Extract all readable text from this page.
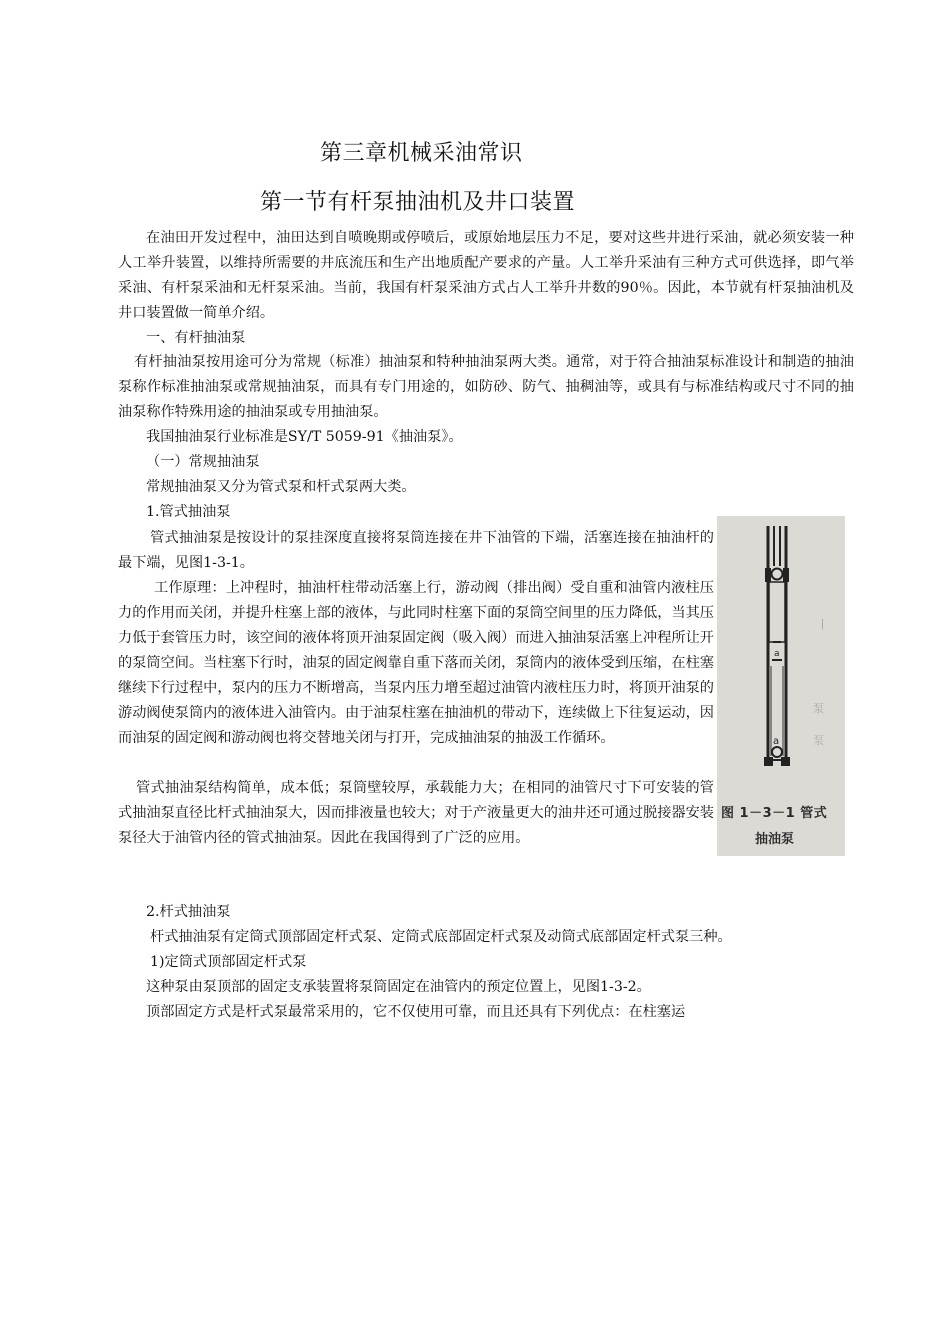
第三章机械采油常识
第一节有杆泵抽油机及井口装置

在油田开发过程中，油田达到自喷晚期或停喷后，或原始地层压力不足，要对这些井进行采油，就必须安装一种人工举升装置，以维持所需要的井底流压和生产出地质配产要求的产量。人工举升采油有三种方式可供选择，即气举采油、有杆泵采油和无杆泵采油。当前，我国有杆泵采油方式占人工举升井数的90％。因此，本节就有杆泵抽油机及井口装置做一简单介绍。

一、有杆抽油泵

有杆抽油泵按用途可分为常规（标准）抽油泵和特种抽油泵两大类。通常，对于符合抽油泵标准设计和制造的抽油泵称作标准抽油泵或常规抽油泵，而具有专门用途的，如防砂、防气、抽稠油等，或具有与标准结构或尺寸不同的抽油泵称作特殊用途的抽油泵或专用抽油泵。

我国抽油泵行业标准是SY/T 5059-91《抽油泵》。

（一）常规抽油泵

常规抽油泵又分为管式泵和杆式泵两大类。

1.管式抽油泵

管式抽油泵是按设计的泵挂深度直接将泵筒连接在井下油管的下端，活塞连接在抽油杆的最下端，见图1-3-1。

工作原理：上冲程时，抽油杆柱带动活塞上行，游动阀（排出阀）受自重和油管内液柱压力的作用而关闭，并提升柱塞上部的液体，与此同时柱塞下面的泵筒空间里的压力降低，当其压力低于套管压力时，该空间的液体将顶开油泵固定阀（吸入阀）而进入抽油泵活塞上冲程所让开的泵筒空间。当柱塞下行时，油泵的固定阀靠自重下落而关闭，泵筒内的液体受到压缩，在柱塞继续下行过程中，泵内的压力不断增高，当泵内压力增至超过油管内液柱压力时，将顶开油泵的游动阀使泵筒内的液体进入油管内。由于油泵柱塞在抽油机的带动下，连续做上下往复运动，因而油泵的固定阀和游动阀也将交替地关闭与打开，完成抽油泵的抽汲工作循环。

管式抽油泵结构简单，成本低；泵筒壁较厚，承载能力大；在相同的油管尺寸下可安装的管式抽油泵直径比杆式抽油泵大，因而排液量也较大；对于产液量更大的油井还可通过脱接器安装泵径大于油管内径的管式抽油泵。因此在我国得到了广泛的应用。

2.杆式抽油泵

杆式抽油泵有定筒式顶部固定杆式泵、定筒式底部固定杆式泵及动筒式底部固定杆式泵三种。

1)定筒式顶部固定杆式泵

这种泵由泵顶部的固定支承装置将泵筒固定在油管内的预定位置上，见图1-3-2。

顶部固定方式是杆式泵最常采用的，它不仅使用可靠，而且还具有下列优点：在柱塞运

a
a
丨
泵
泵
图 1－3－1 管式
抽油泵
